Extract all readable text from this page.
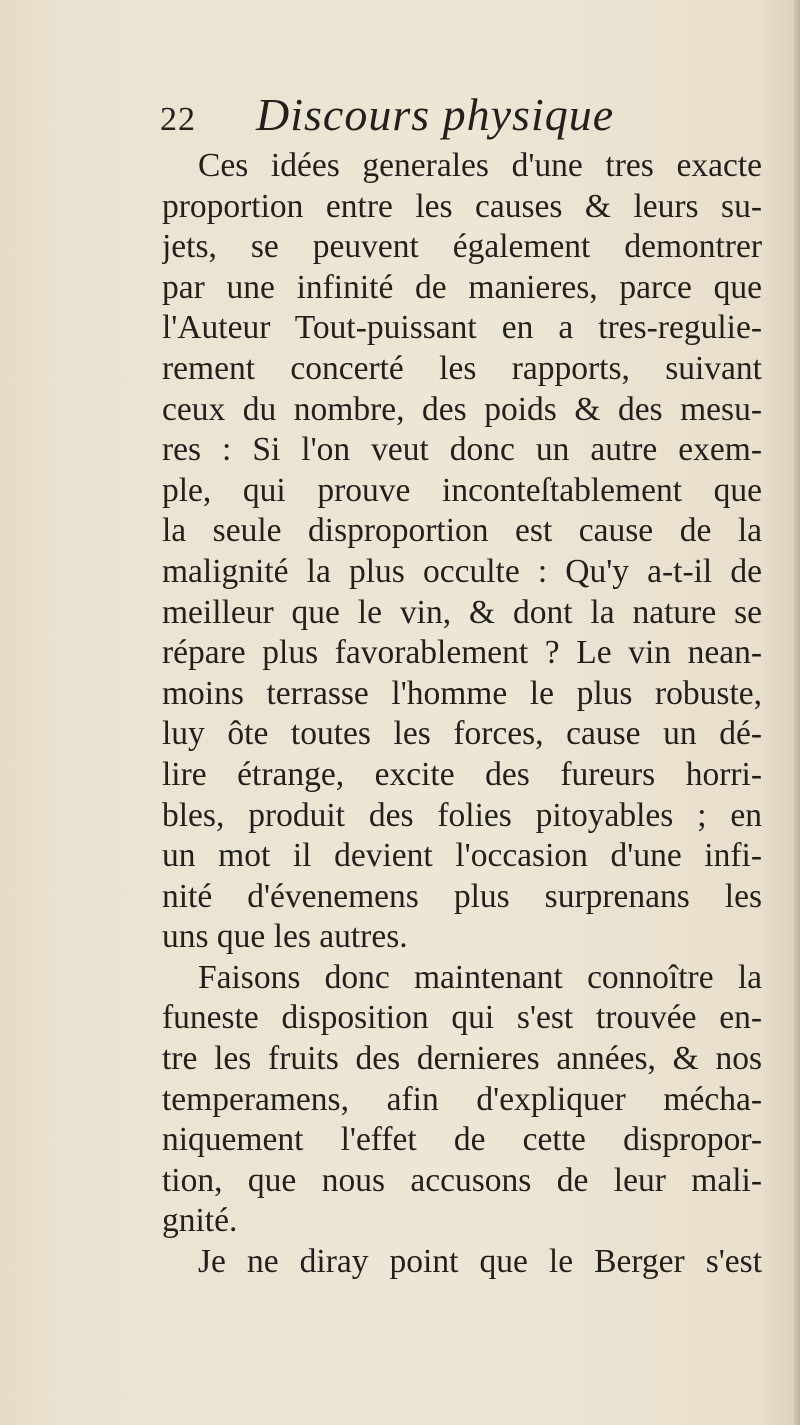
22	Discours physique
Ces idées generales d'une tres exacte
proportion entre les causes & leurs su-
jets, se peuvent également demontrer
par une infinité de manieres, parce que
l'Auteur Tout-puissant en a tres-regulie-
rement concerté les rapports, suivant
ceux du nombre, des poids & des mesu-
res : Si l'on veut donc un autre exem-
ple, qui prouve inconteſtablement que
la seule disproportion est cause de la
malignité la plus occulte : Qu'y a-t-il de
meilleur que le vin, & dont la nature se
répare plus favorablement ? Le vin nean-
moins terrasse l'homme le plus robuste,
luy ôte toutes les forces, cause un dé-
lire étrange, excite des fureurs horri-
bles, produit des folies pitoyables ; en
un mot il devient l'occasion d'une infi-
nité d'évenemens plus surprenans les
uns que les autres.
Faisons donc maintenant connoître la
funeste disposition qui s'est trouvée en-
tre les fruits des dernieres années, & nos
temperamens, afin d'expliquer mécha-
niquement l'effet de cette dispropor-
tion, que nous accusons de leur mali-
gnité.
Je ne diray point que le Berger s'est
